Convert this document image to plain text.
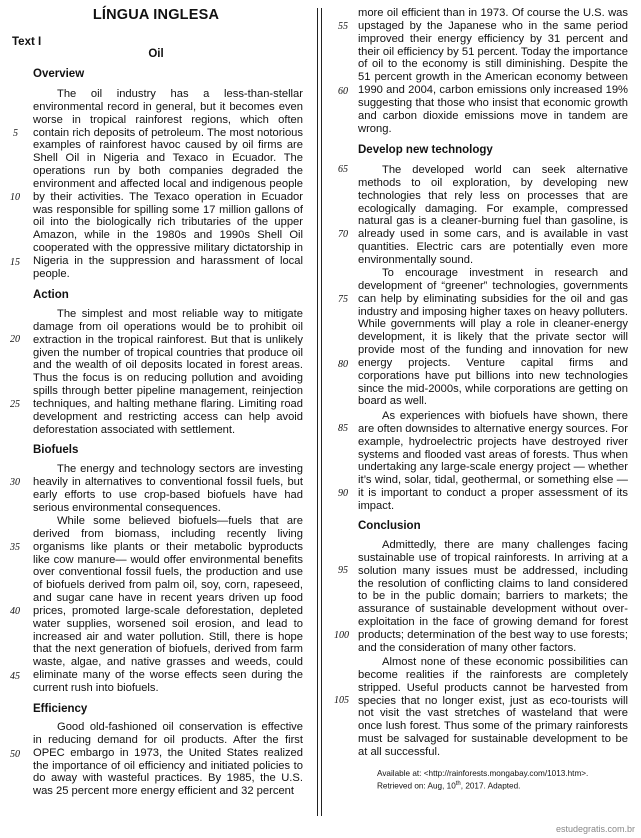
LÍNGUA INGLESA
Text I
Oil
Overview

The oil industry has a less-than-stellar environmental record in general, but it becomes even worse in tropical rainforest regions, which often contain rich deposits of petroleum. The most notorious examples of rainforest havoc caused by oil firms are Shell Oil in Nigeria and Texaco in Ecuador. The operations run by both companies degraded the environment and affected local and indigenous people by their activities. The Texaco operation in Ecuador was responsible for spilling some 17 million gallons of oil into the biologically rich tributaries of the upper Amazon, while in the 1980s and 1990s Shell Oil cooperated with the oppressive military dictatorship in Nigeria in the suppression and harassment of local people.

Action

The simplest and most reliable way to mitigate damage from oil operations would be to prohibit oil extraction in the tropical rainforest. But that is unlikely given the number of tropical countries that produce oil and the wealth of oil deposits located in forest areas. Thus the focus is on reducing pollution and avoiding spills through better pipeline management, reinjection techniques, and halting methane flaring. Limiting road development and restricting access can help avoid deforestation associated with settlement.

Biofuels

The energy and technology sectors are investing heavily in alternatives to conventional fossil fuels, but early efforts to use crop-based biofuels have had serious environmental consequences.

While some believed biofuels—fuels that are derived from biomass, including recently living organisms like plants or their metabolic byproducts like cow manure— would offer environmental benefits over conventional fossil fuels, the production and use of biofuels derived from palm oil, soy, corn, rapeseed, and sugar cane have in recent years driven up food prices, promoted large-scale deforestation, depleted water supplies, worsened soil erosion, and lead to increased air and water pollution. Still, there is hope that the next generation of biofuels, derived from farm waste, algae, and native grasses and weeds, could eliminate many of the worse effects seen during the current rush into biofuels.

Efficiency

Good old-fashioned oil conservation is effective in reducing demand for oil products. After the first OPEC embargo in 1973, the United States realized the importance of oil efficiency and initiated policies to do away with wasteful practices. By 1985, the U.S. was 25 percent more energy efficient and 32 percent

5
10
15
20
25
30
35
40
45
50

more oil efficient than in 1973. Of course the U.S. was upstaged by the Japanese who in the same period improved their energy efficiency by 31 percent and their oil efficiency by 51 percent. Today the importance of oil to the economy is still diminishing. Despite the 51 percent growth in the American economy between 1990 and 2004, carbon emissions only increased 19% suggesting that those who insist that economic growth and carbon dioxide emissions move in tandem are wrong.

Develop new technology

The developed world can seek alternative methods to oil exploration, by developing new technologies that rely less on processes that are ecologically damaging. For example, compressed natural gas is a cleaner-burning fuel than gasoline, is already used in some cars, and is available in vast quantities. Electric cars are potentially even more environmentally sound.

To encourage investment in research and development of “greener” technologies, governments can help by eliminating subsidies for the oil and gas industry and imposing higher taxes on heavy polluters. While governments will play a role in cleaner-energy development, it is likely that the private sector will provide most of the funding and innovation for new energy projects. Venture capital firms and corporations have put billions into new technologies since the mid-2000s, while corporations are getting on board as well.

As experiences with biofuels have shown, there are often downsides to alternative energy sources. For example, hydroelectric projects have destroyed river systems and flooded vast areas of forests. Thus when undertaking any large-scale energy project — whether it’s wind, solar, tidal, geothermal, or something else — it is important to conduct a proper assessment of its impact.

Conclusion

Admittedly, there are many challenges facing sustainable use of tropical rainforests. In arriving at a solution many issues must be addressed, including the resolution of conflicting claims to land considered to be in the public domain; barriers to markets; the assurance of sustainable development without over-exploitation in the face of growing demand for forest products; determination of the best way to use forests; and the consideration of many other factors.

Almost none of these economic possibilities can become realities if the rainforests are completely stripped. Useful products cannot be harvested from species that no longer exist, just as eco-tourists will not visit the vast stretches of wasteland that were once lush forest. Thus some of the primary rainforests must be salvaged for sustainable development to be at all successful.

Available at: <http://rainforests.mongabay.com/1013.htm>.
Retrieved on: Aug, 10th, 2017. Adapted.
55
60
65
70
75
80
85
90
95
100
105
estudegratis.com.br
